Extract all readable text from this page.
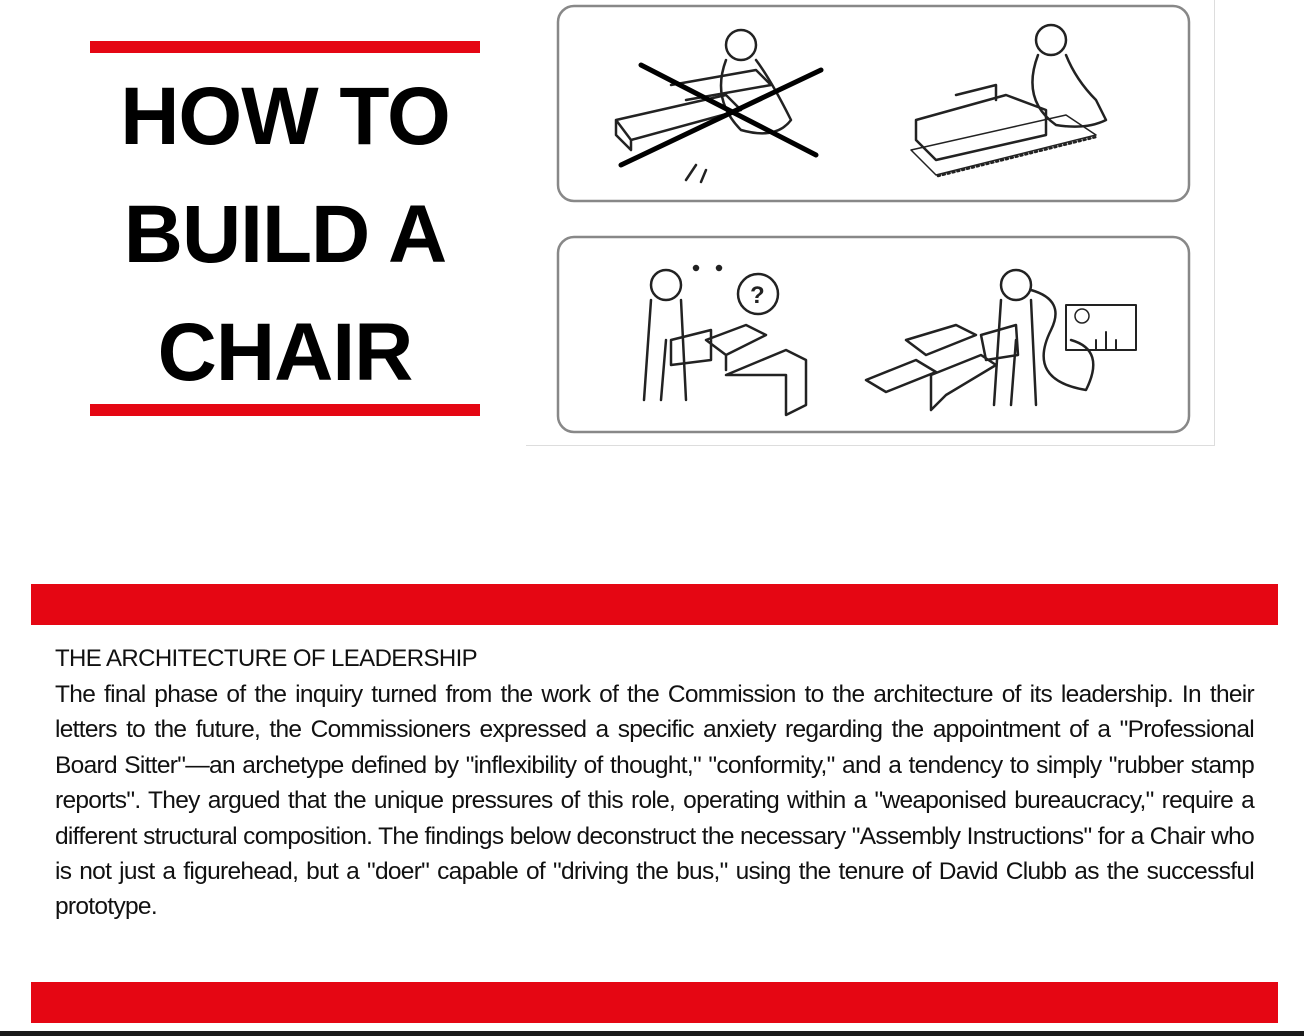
HOW TO
BUILD A
CHAIR
?
THE ARCHITECTURE OF LEADERSHIP
The final phase of the inquiry turned from the work of the Commission to the architecture of its leadership. In their letters to the future, the Commissioners expressed a specific anxiety regarding the appointment of a "Professional Board Sitter"—an archetype defined by "inflexibility of thought," "conformity," and a tendency to simply "rubber stamp reports". They argued that the unique pressures of this role, operating within a "weaponised bureaucracy," require a different structural composition. The findings below deconstruct the necessary "Assembly Instructions" for a Chair who is not just a figurehead, but a "doer" capable of "driving the bus," using the tenure of David Clubb as the successful prototype.
